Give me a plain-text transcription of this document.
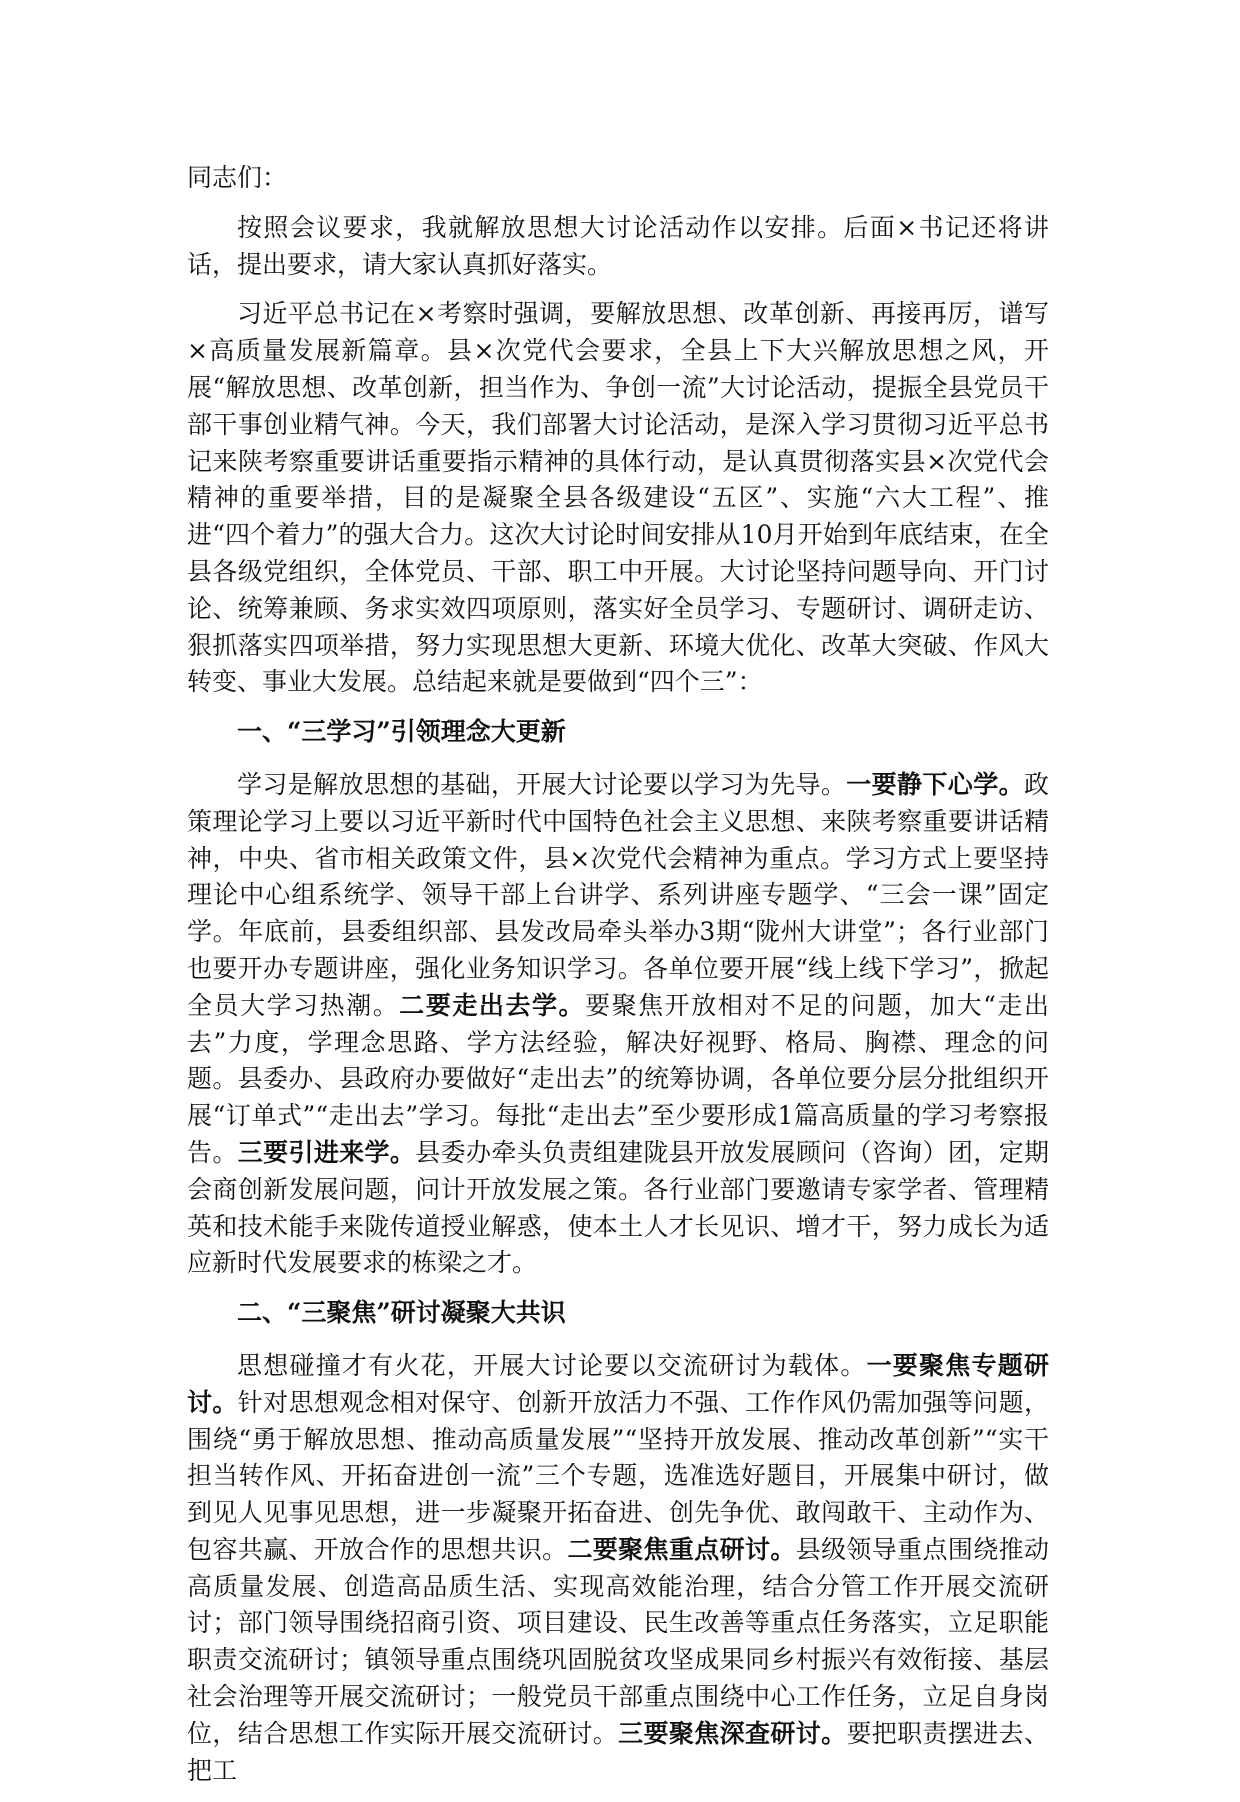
同志们：

按照会议要求，我就解放思想大讨论活动作以安排。后面×书记还将讲话，提出要求，请大家认真抓好落实。

习近平总书记在×考察时强调，要解放思想、改革创新、再接再厉，谱写×高质量发展新篇章。县×次党代会要求，全县上下大兴解放思想之风，开展“解放思想、改革创新，担当作为、争创一流”大讨论活动，提振全县党员干部干事创业精气神。今天，我们部署大讨论活动，是深入学习贯彻习近平总书记来陕考察重要讲话重要指示精神的具体行动，是认真贯彻落实县×次党代会精神的重要举措，目的是凝聚全县各级建设“五区”、实施“六大工程”、推进“四个着力”的强大合力。这次大讨论时间安排从10月开始到年底结束，在全县各级党组织，全体党员、干部、职工中开展。大讨论坚持问题导向、开门讨论、统筹兼顾、务求实效四项原则，落实好全员学习、专题研讨、调研走访、狠抓落实四项举措，努力实现思想大更新、环境大优化、改革大突破、作风大转变、事业大发展。总结起来就是要做到“四个三”：

一、“三学习”引领理念大更新

学习是解放思想的基础，开展大讨论要以学习为先导。一要静下心学。政策理论学习上要以习近平新时代中国特色社会主义思想、来陕考察重要讲话精神，中央、省市相关政策文件，县×次党代会精神为重点。学习方式上要坚持理论中心组系统学、领导干部上台讲学、系列讲座专题学、“三会一课”固定学。年底前，县委组织部、县发改局牵头举办3期“陇州大讲堂”；各行业部门也要开办专题讲座，强化业务知识学习。各单位要开展“线上线下学习”，掀起全员大学习热潮。二要走出去学。要聚焦开放相对不足的问题，加大“走出去”力度，学理念思路、学方法经验，解决好视野、格局、胸襟、理念的问题。县委办、县政府办要做好“走出去”的统筹协调，各单位要分层分批组织开展“订单式”“走出去”学习。每批“走出去”至少要形成1篇高质量的学习考察报告。三要引进来学。县委办牵头负责组建陇县开放发展顾问（咨询）团，定期会商创新发展问题，问计开放发展之策。各行业部门要邀请专家学者、管理精英和技术能手来陇传道授业解惑，使本土人才长见识、增才干，努力成长为适应新时代发展要求的栋梁之才。

二、“三聚焦”研讨凝聚大共识

思想碰撞才有火花，开展大讨论要以交流研讨为载体。一要聚焦专题研讨。针对思想观念相对保守、创新开放活力不强、工作作风仍需加强等问题，围绕“勇于解放思想、推动高质量发展”“坚持开放发展、推动改革创新”“实干担当转作风、开拓奋进创一流”三个专题，选准选好题目，开展集中研讨，做到见人见事见思想，进一步凝聚开拓奋进、创先争优、敢闯敢干、主动作为、包容共赢、开放合作的思想共识。二要聚焦重点研讨。县级领导重点围绕推动高质量发展、创造高品质生活、实现高效能治理，结合分管工作开展交流研讨；部门领导围绕招商引资、项目建设、民生改善等重点任务落实，立足职能职责交流研讨；镇领导重点围绕巩固脱贫攻坚成果同乡村振兴有效衔接、基层社会治理等开展交流研讨；一般党员干部重点围绕中心工作任务，立足自身岗位，结合思想工作实际开展交流研讨。三要聚焦深查研讨。要把职责摆进去、把工
